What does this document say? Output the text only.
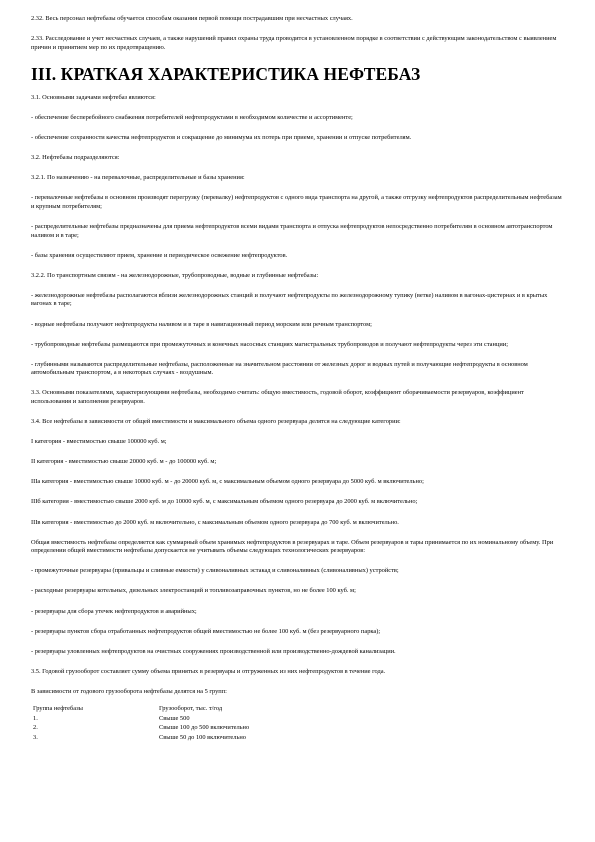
2.32. Весь персонал нефтебазы обучается способам оказания первой помощи пострадавшим при несчастных случаях.
2.33. Расследование и учет несчастных случаев, а также нарушений правил охраны труда проводится в установленном порядке в соответствии с действующим законодательством с выявлением причин и принятием мер по их предотвращению.
III. КРАТКАЯ ХАРАКТЕРИСТИКА НЕФТЕБАЗ
3.1. Основными задачами нефтебаз являются:
- обеспечение бесперебойного снабжения потребителей нефтепродуктами в необходимом количестве и ассортименте;
- обеспечение сохранности качества нефтепродуктов и сокращение до минимума их потерь при приеме, хранении и отпуске потребителям.
3.2. Нефтебазы подразделяются:
3.2.1. По назначению - на перевалочные, распределительные и базы хранения:
- перевалочные нефтебазы в основном производят перегрузку (перевалку) нефтепродуктов с одного вида транспорта на другой, а также отгрузку нефтепродуктов распределительным нефтебазам и крупным потребителям;
- распределительные нефтебазы предназначены для приема нефтепродуктов всеми видами транспорта и отпуска нефтепродуктов непосредственно потребителям в основном автотранспортом наливом и в таре;
- базы хранения осуществляют прием, хранение и периодическое освежение нефтепродуктов.
3.2.2. По транспортным связям - на железнодорожные, трубопроводные, водные и глубинные нефтебазы:
- железнодорожные нефтебазы располагаются вблизи железнодорожных станций и получают нефтепродукты по железнодорожному тупику (ветке) наливом в вагонах-цистернах и в крытых вагонах в таре;
- водные нефтебазы получают нефтепродукты наливом и в таре в навигационный период морским или речным транспортом;
- трубопроводные нефтебазы размещаются при промежуточных и конечных насосных станциях магистральных трубопроводов и получают нефтепродукты через эти станции;
- глубинными называются распределительные нефтебазы, расположенные на значительном расстоянии от железных дорог и водных путей и получающие нефтепродукты в основном автомобильным транспортом, а в некоторых случаях - воздушным.
3.3. Основными показателями, характеризующими нефтебазы, необходимо считать: общую вместимость, годовой оборот, коэффициент оборачиваемости резервуаров, коэффициент использования и заполнения резервуаров.
3.4. Все нефтебазы в зависимости от общей вместимости и максимального объема одного резервуара делятся на следующие категории:
I категория - вместимостью свыше 100000 куб. м;
II категория - вместимостью свыше 20000 куб. м - до 100000 куб. м;
IIIа категория - вместимостью свыше 10000 куб. м - до 20000 куб. м, с максимальным объемом одного резервуара до 5000 куб. м включительно;
IIIб категория - вместимостью свыше 2000 куб. м до 10000 куб. м, с максимальным объемом одного резервуара до 2000 куб. м включительно;
IIIв категория - вместимостью до 2000 куб. м включительно, с максимальным объемом одного резервуара до 700 куб. м включительно.
Общая вместимость нефтебазы определяется как суммарный объем хранимых нефтепродуктов в резервуарах и таре. Объем резервуаров и тары принимается по их номинальному объему. При определении общей вместимости нефтебазы допускается не учитывать объемы следующих технологических резервуаров:
- промежуточные резервуары (привальцы и сливные емкости) у сливоналивных эстакад и сливоналивных (сливоналивных) устройств;
- расходные резервуары котельных, дизельных электростанций и топливозаправочных пунктов, но не более 100 куб. м;
- резервуары для сбора утечек нефтепродуктов и аварийных;
- резервуары пунктов сбора отработанных нефтепродуктов общей вместимостью не более 100 куб. м (без резервуарного парка);
- резервуары уловленных нефтепродуктов на очистных сооружениях производственной или производственно-дождевой канализации.
3.5. Годовой грузооборот составляет сумму объема принятых в резервуары и отгруженных из них нефтепродуктов в течение года.
В зависимости от годового грузооборота нефтебазы делятся на 5 групп:
Группа нефтебазы	Грузооборот, тыс. т/год
1.	Свыше 500
2.	Свыше 100 до 500 включительно
3.	Свыше 50 до 100 включительно
